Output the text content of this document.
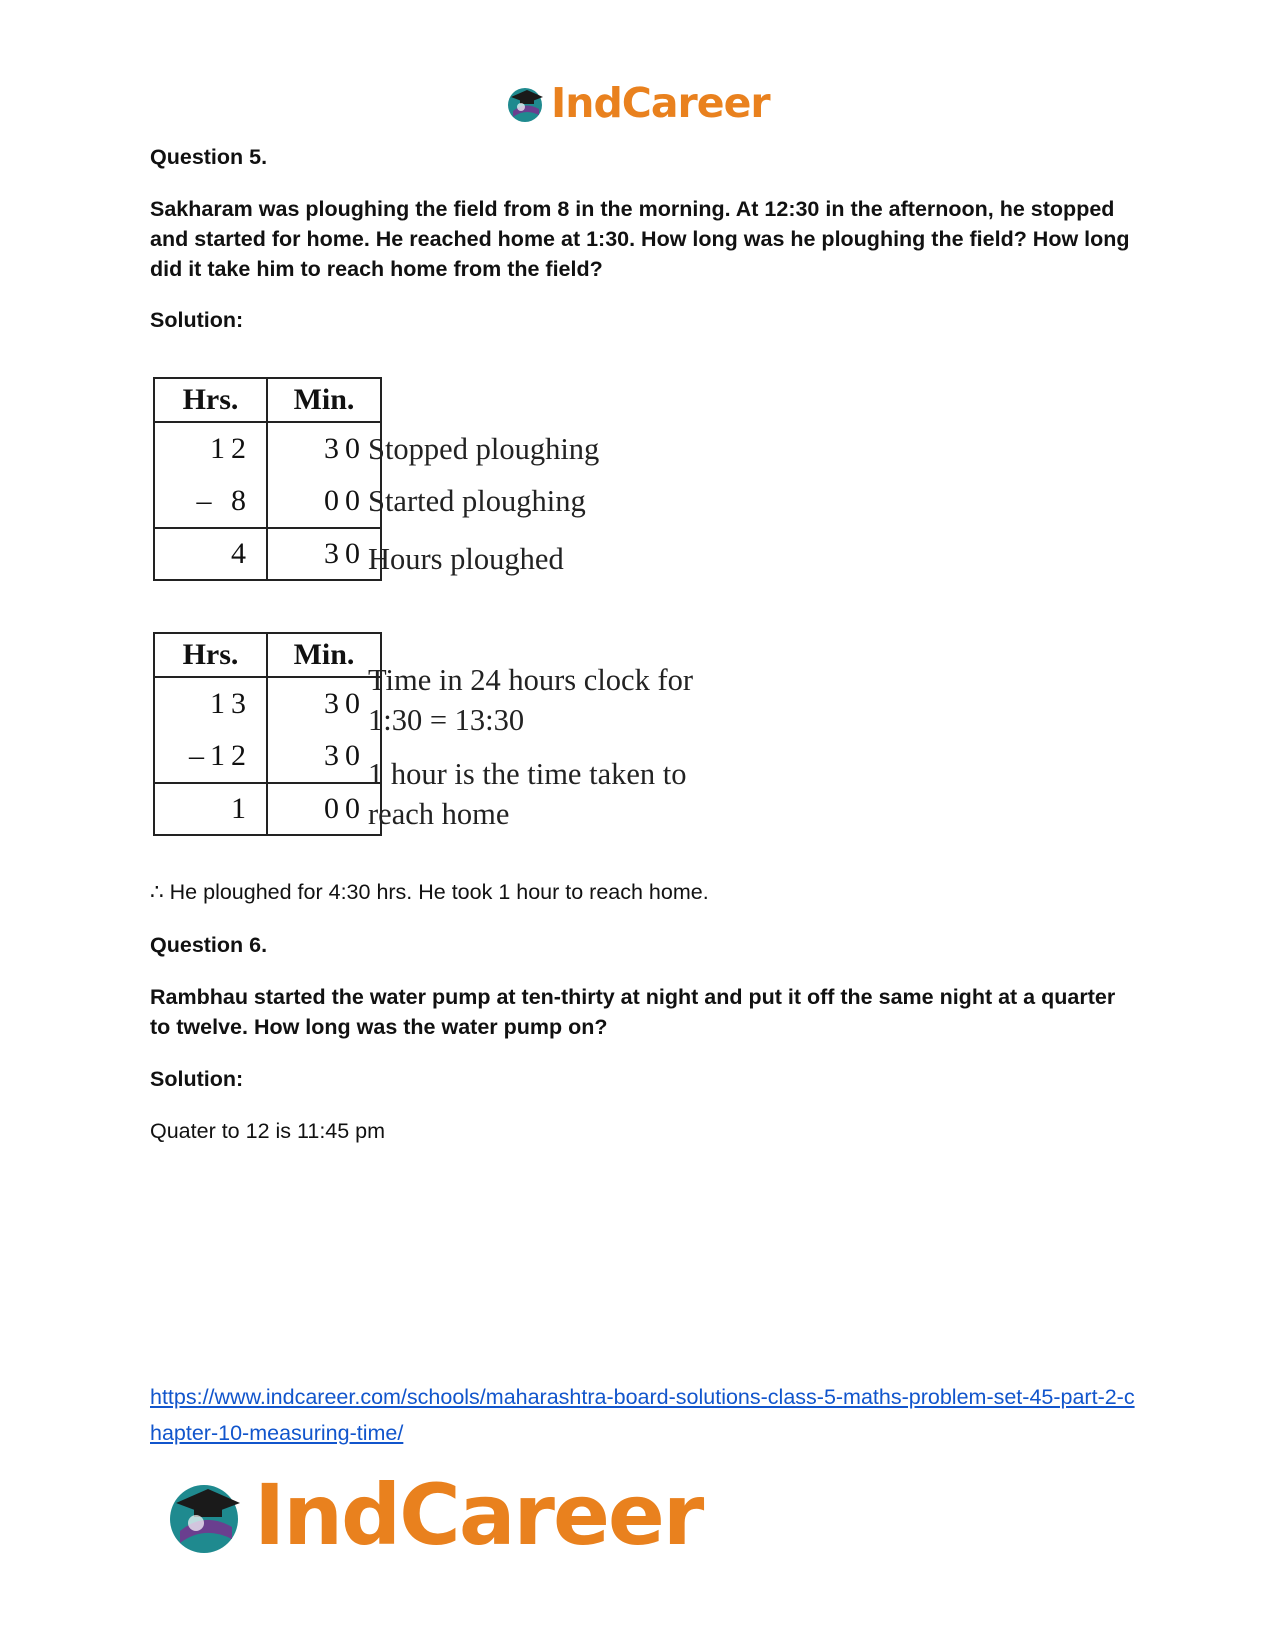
IndCareer

Question 5.

Sakharam was ploughing the field from 8 in the morning. At 12:30 in the afternoon, he stopped and started for home. He reached home at 1:30. How long was he ploughing the field? How long did it take him to reach home from the field?

Solution:

Hrs.	Min.
12	30
– 8	00
4	30
Stopped ploughing
Started ploughing
Hours ploughed
Hrs.	Min.
13	30
–12	30
1	00
Time in 24 hours clock for
1:30 = 13:30
1 hour is the time taken to
reach home

∴ He ploughed for 4:30 hrs. He took 1 hour to reach home.

Question 6.

Rambhau started the water pump at ten-thirty at night and put it off the same night at a quarter to twelve. How long was the water pump on?

Solution:

Quater to 12 is 11:45 pm

https://www.indcareer.com/schools/maharashtra-board-solutions-class-5-maths-problem-set-45-part-2-chapter-10-measuring-time/
IndCareer
